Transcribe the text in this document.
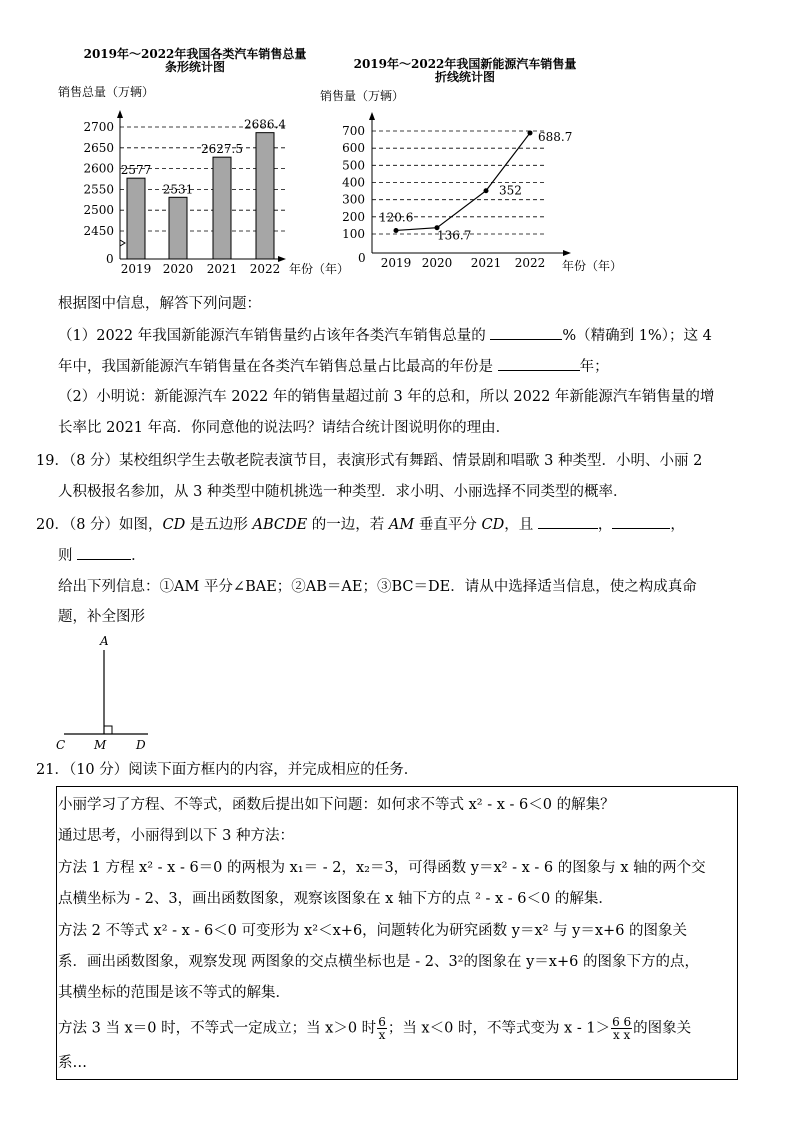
2019年～2022年我国各类汽车销售总量
条形统计图
销售总量（万辆）
2700
2650
2600
2550
2500
2450
2577
2019
2531
2020
2627.5
2021
2686.4
2022
0
年份（年）
2019年～2022年我国新能源汽车销售量
折线统计图
销售量（万辆）
700
600
500
400
300
200
100
120.6
2019
136.7
2020
352
2021
688.7
2022
0
年份（年）
根据图中信息，解答下列问题：
（1）2022 年我国新能源汽车销售量约占该年各类汽车销售总量的	%（精确到 1%）；这 4
年中，我国新能源汽车销售量在各类汽车销售总量占比最高的年份是	年；
（2）小明说：新能源汽车 2022 年的销售量超过前 3 年的总和，所以 2022 年新能源汽车销售量的增
长率比 2021 年高．你同意他的说法吗？请结合统计图说明你的理由．
19．（8 分）某校组织学生去敬老院表演节目，表演形式有舞蹈、情景剧和唱歌 3 种类型．小明、小丽 2
人积极报名参加，从 3 种类型中随机挑选一种类型．求小明、小丽选择不同类型的概率．
20．（8 分）如图，CD 是五边形 ABCDE 的一边，若 AM 垂直平分 CD，且	，	，
则	．
给出下列信息：①AM 平分∠BAE；②AB＝AE；③BC＝DE．请从中选择适当信息，使之构成真命
题，补全图形
A
C M D
21．（10 分）阅读下面方框内的内容，并完成相应的任务．
小丽学习了方程、不等式，函数后提出如下问题：如何求不等式 x² - x - 6＜0 的解集？
通过思考，小丽得到以下 3 种方法：
方法 1 方程 x² - x - 6＝0 的两根为 x₁＝ - 2，x₂＝3，可得函数 y＝x² - x - 6 的图象与 x 轴的两个交
点横坐标为 - 2、3，画出函数图象，观察该图象在 x 轴下方的点 ² - x - 6＜0 的解集．
方法 2 不等式 x² - x - 6＜0 可变形为 x²＜x+6，问题转化为研究函数 y＝x² 与 y＝x+6 的图象关
系．画出函数图象，观察发现 两图象的交点横坐标也是 - 2、3²的图象在 y＝x+6 的图象下方的点，
其横坐标的范围是该不等式的解集．
方法 3 当 x＝0 时，不等式一定成立；当 x＞0 时 $\frac{6}{x}$ ；当 x＜0 时，不等式变为 $x - 1> \frac{6 6}{\text{x x}}$ 的图象关
系…
